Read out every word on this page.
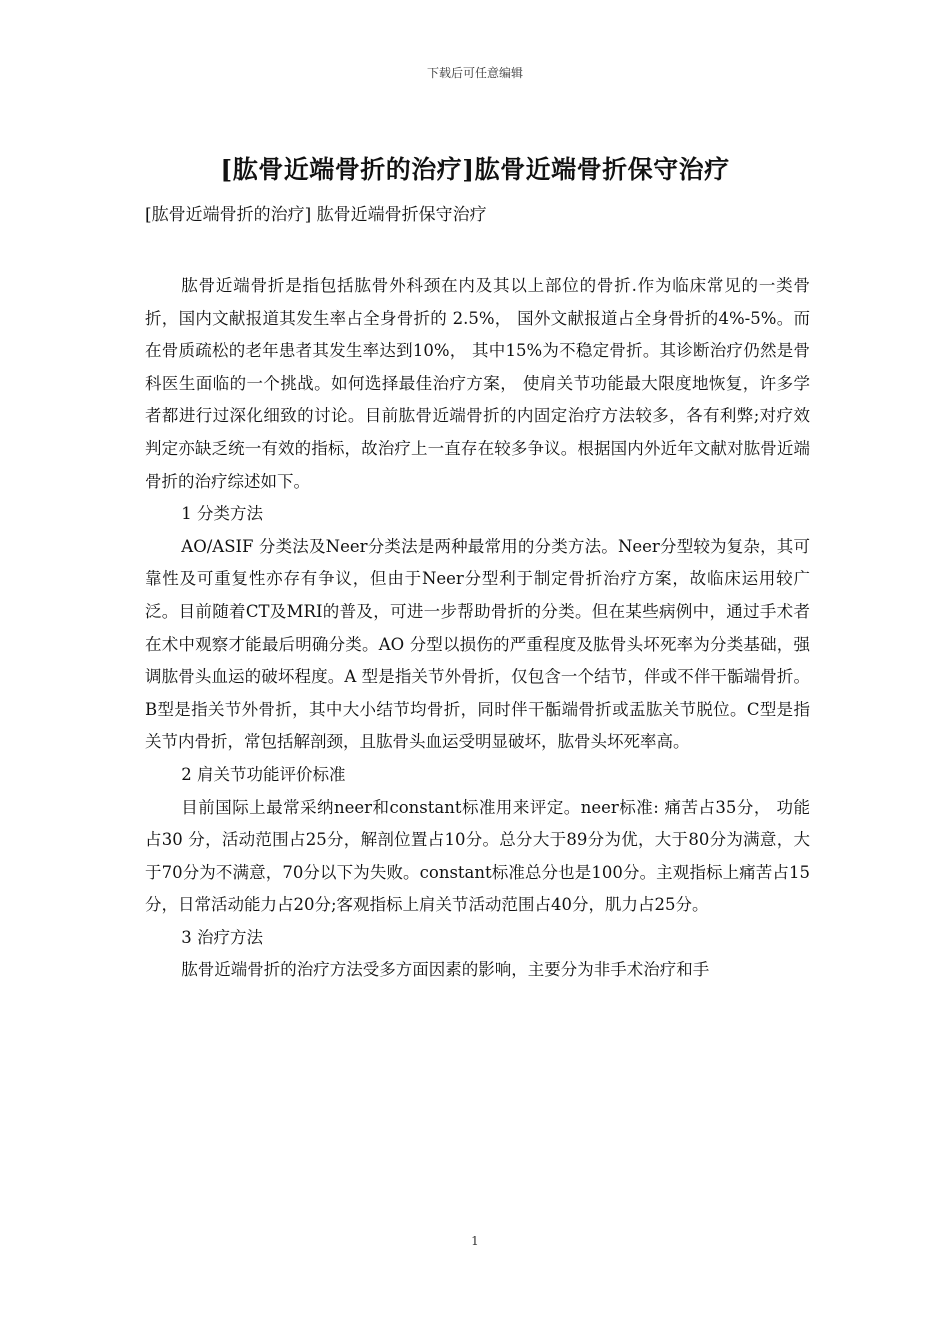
下载后可任意编辑
[肱骨近端骨折的治疗]肱骨近端骨折保守治疗
[肱骨近端骨折的治疗] 肱骨近端骨折保守治疗

肱骨近端骨折是指包括肱骨外科颈在内及其以上部位的骨折.作为临床常见的一类骨折，国内文献报道其发生率占全身骨折的 2.5%， 国外文献报道占全身骨折的4%-5%。而在骨质疏松的老年患者其发生率达到10%， 其中15%为不稳定骨折。其诊断治疗仍然是骨科医生面临的一个挑战。如何选择最佳治疗方案， 使肩关节功能最大限度地恢复，许多学者都进行过深化细致的讨论。目前肱骨近端骨折的内固定治疗方法较多，各有利弊;对疗效判定亦缺乏统一有效的指标，故治疗上一直存在较多争议。根据国内外近年文献对肱骨近端骨折的治疗综述如下。

1 分类方法

AO/ASIF 分类法及Neer分类法是两种最常用的分类方法。Neer分型较为复杂，其可靠性及可重复性亦存有争议，但由于Neer分型利于制定骨折治疗方案，故临床运用较广泛。目前随着CT及MRI的普及，可进一步帮助骨折的分类。但在某些病例中，通过手术者在术中观察才能最后明确分类。AO 分型以损伤的严重程度及肱骨头坏死率为分类基础，强调肱骨头血运的破坏程度。A 型是指关节外骨折，仅包含一个结节，伴或不伴干骺端骨折。B型是指关节外骨折，其中大小结节均骨折，同时伴干骺端骨折或盂肱关节脱位。C型是指关节内骨折，常包括解剖颈，且肱骨头血运受明显破坏，肱骨头坏死率高。

2 肩关节功能评价标准

目前国际上最常采纳neer和constant标准用来评定。neer标准: 痛苦占35分， 功能占30 分，活动范围占25分，解剖位置占10分。总分大于89分为优，大于80分为满意，大于70分为不满意，70分以下为失败。constant标准总分也是100分。主观指标上痛苦占15分，日常活动能力占20分;客观指标上肩关节活动范围占40分，肌力占25分。

3 治疗方法

肱骨近端骨折的治疗方法受多方面因素的影响，主要分为非手术治疗和手

1
